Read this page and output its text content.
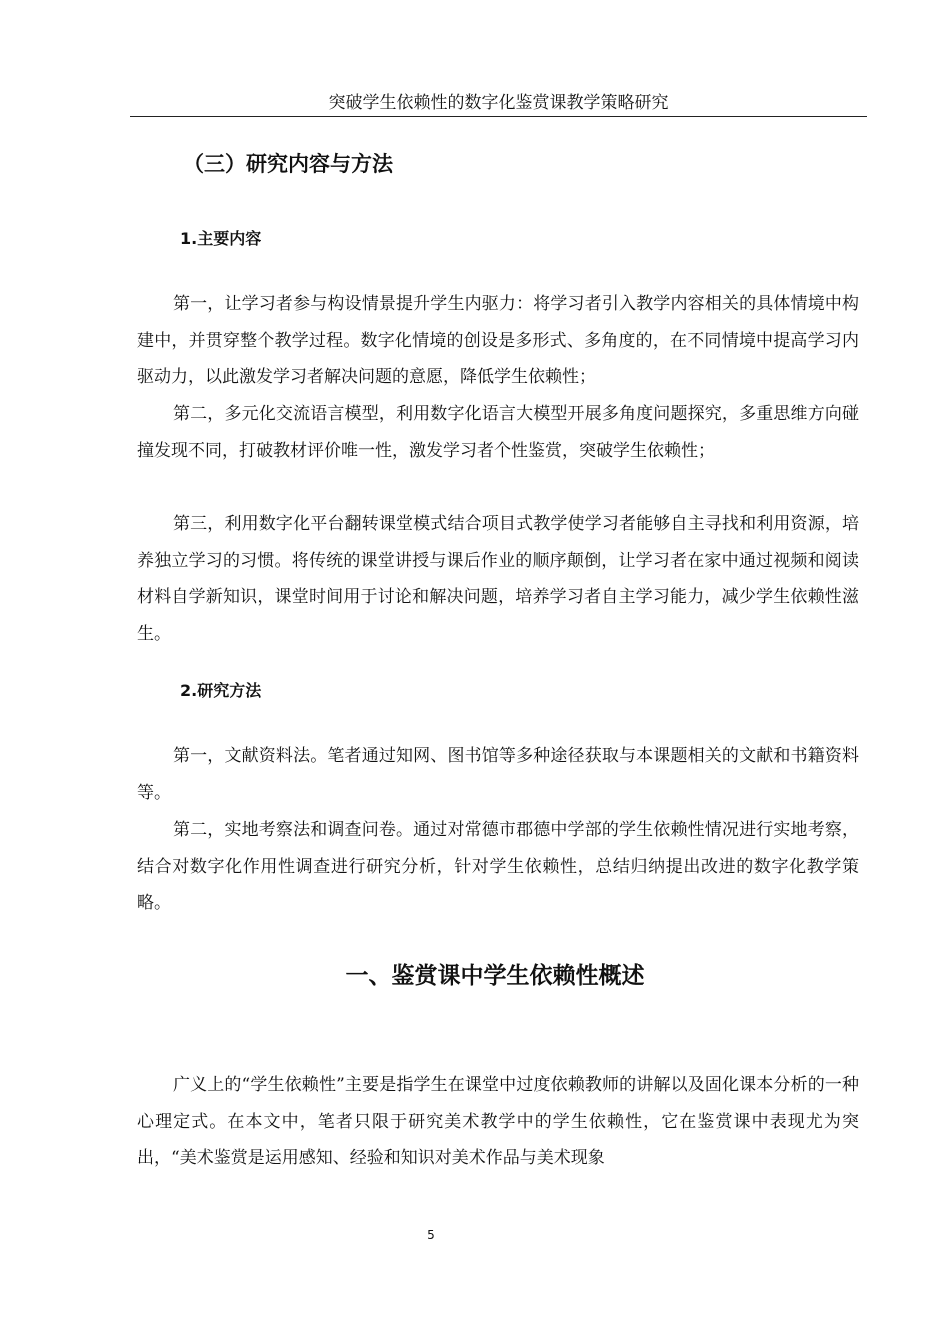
突破学生依赖性的数字化鉴赏课教学策略研究
（三）研究内容与方法
1.主要内容

第一，让学习者参与构设情景提升学生内驱力：将学习者引入教学内容相关的具体情境中构建中，并贯穿整个教学过程。数字化情境的创设是多形式、多角度的，在不同情境中提高学习内驱动力，以此激发学习者解决问题的意愿，降低学生依赖性；

第二，多元化交流语言模型，利用数字化语言大模型开展多角度问题探究，多重思维方向碰撞发现不同，打破教材评价唯一性，激发学习者个性鉴赏，突破学生依赖性；

第三，利用数字化平台翻转课堂模式结合项目式教学使学习者能够自主寻找和利用资源，培养独立学习的习惯。将传统的课堂讲授与课后作业的顺序颠倒，让学习者在家中通过视频和阅读材料自学新知识，课堂时间用于讨论和解决问题，培养学习者自主学习能力，减少学生依赖性滋生。

2.研究方法

第一，文献资料法。笔者通过知网、图书馆等多种途径获取与本课题相关的文献和书籍资料等。

第二，实地考察法和调查问卷。通过对常德市郡德中学部的学生依赖性情况进行实地考察，结合对数字化作用性调查进行研究分析，针对学生依赖性，总结归纳提出改进的数字化教学策略。

一、鉴赏课中学生依赖性概述

广义上的“学生依赖性”主要是指学生在课堂中过度依赖教师的讲解以及固化课本分析的一种心理定式。在本文中，笔者只限于研究美术教学中的学生依赖性，它在鉴赏课中表现尤为突出，“美术鉴赏是运用感知、经验和知识对美术作品与美术现象

5
